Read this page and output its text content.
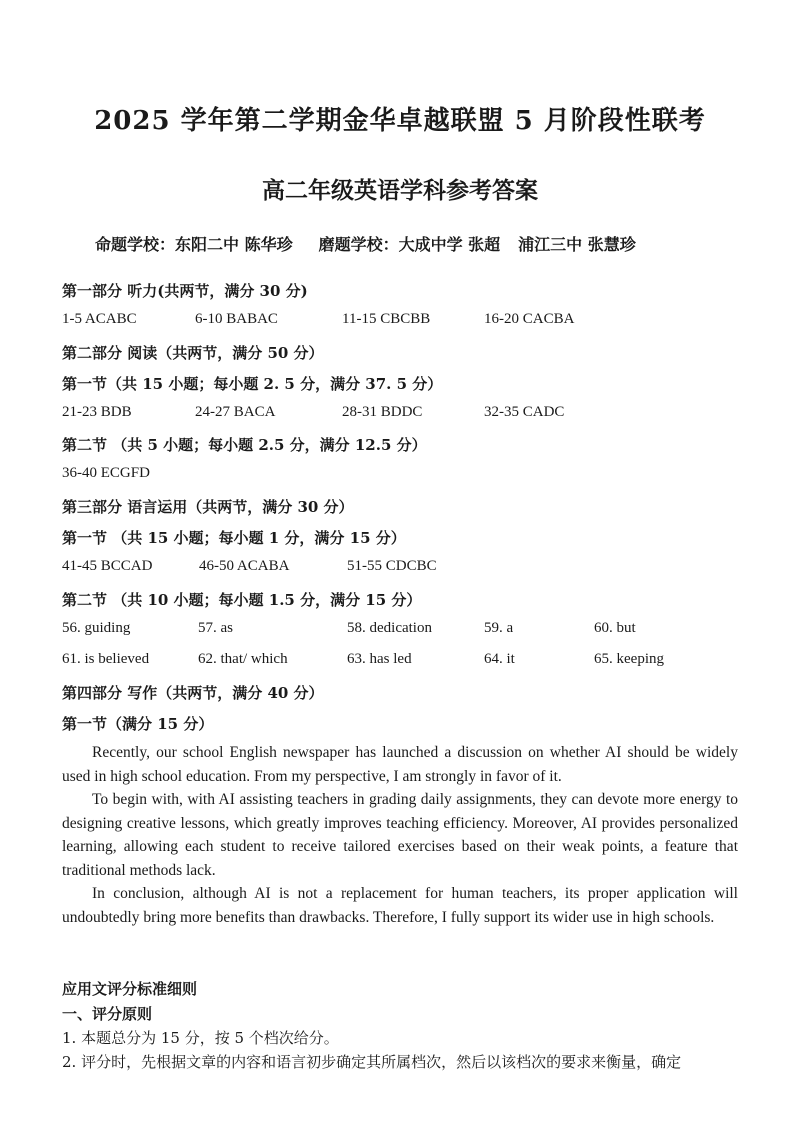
2025 学年第二学期金华卓越联盟 5 月阶段性联考
高二年级英语学科参考答案
命题学校：东阳二中 陈华珍 磨题学校：大成中学 张超 浦江三中 张慧珍
第一部分 听力(共两节，满分 30 分)
1-5 ACABC	6-10 BABAC	11-15 CBCBB	16-20 CACBA
第二部分 阅读（共两节，满分 50 分）
第一节（共 15 小题；每小题 2. 5 分，满分 37. 5 分）
21-23 BDB	24-27 BACA	28-31 BDDC	32-35 CADC
第二节 （共 5 小题；每小题 2.5 分，满分 12.5 分）
36-40 ECGFD
第三部分 语言运用（共两节，满分 30 分）
第一节 （共 15 小题；每小题 1 分，满分 15 分）
41-45 BCCAD	46-50 ACABA	51-55 CDCBC
第二节 （共 10 小题；每小题 1.5 分，满分 15 分）
56. guiding	57. as	58. dedication	59. a	60. but
61. is believed	62. that/ which	63. has led	64. it	65. keeping
第四部分 写作（共两节，满分 40 分）
第一节（满分 15 分）

Recently, our school English newspaper has launched a discussion on whether AI should be widely used in high school education. From my perspective, I am strongly in favor of it.

To begin with, with AI assisting teachers in grading daily assignments, they can devote more energy to designing creative lessons, which greatly improves teaching efficiency. Moreover, AI provides personalized learning, allowing each student to receive tailored exercises based on their weak points, a feature that traditional methods lack.

In conclusion, although AI is not a replacement for human teachers, its proper application will undoubtedly bring more benefits than drawbacks. Therefore, I fully support its wider use in high schools.

应用文评分标准细则
一、评分原则
1. 本题总分为 15 分，按 5 个档次给分。
2. 评分时，先根据文章的内容和语言初步确定其所属档次，然后以该档次的要求来衡量，确定
